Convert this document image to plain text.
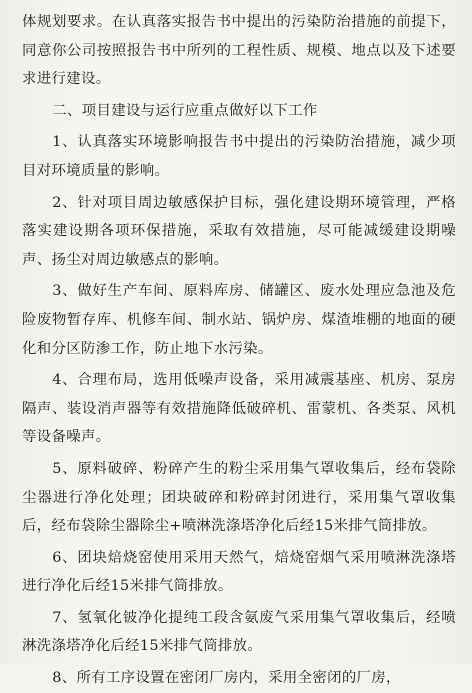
体规划要求。在认真落实报告书中提出的污染防治措施的前提下，同意你公司按照报告书中所列的工程性质、规模、地点以及下述要求进行建设。

二、项目建设与运行应重点做好以下工作

1、认真落实环境影响报告书中提出的污染防治措施，减少项目对环境质量的影响。

2、针对项目周边敏感保护目标，强化建设期环境管理，严格落实建设期各项环保措施，采取有效措施，尽可能减缓建设期噪声、扬尘对周边敏感点的影响。

3、做好生产车间、原料库房、储罐区、废水处理应急池及危险废物暂存库、机修车间、制水站、锅炉房、煤渣堆棚的地面的硬化和分区防渗工作，防止地下水污染。

4、合理布局，选用低噪声设备，采用减震基座、机房、泵房隔声、装设消声器等有效措施降低破碎机、雷蒙机、各类泵、风机等设备噪声。

5、原料破碎、粉碎产生的粉尘采用集气罩收集后，经布袋除尘器进行净化处理；团块破碎和粉碎封闭进行，采用集气罩收集后，经布袋除尘器除尘+喷淋洗涤塔净化后经15米排气筒排放。

6、团块焙烧窑使用采用天然气，焙烧窑烟气采用喷淋洗涤塔进行净化后经15米排气筒排放。

7、氢氧化铍净化提纯工段含氨废气采用集气罩收集后，经喷淋洗涤塔净化后经15米排气筒排放。

8、所有工序设置在密闭厂房内，采用全密闭的厂房，
